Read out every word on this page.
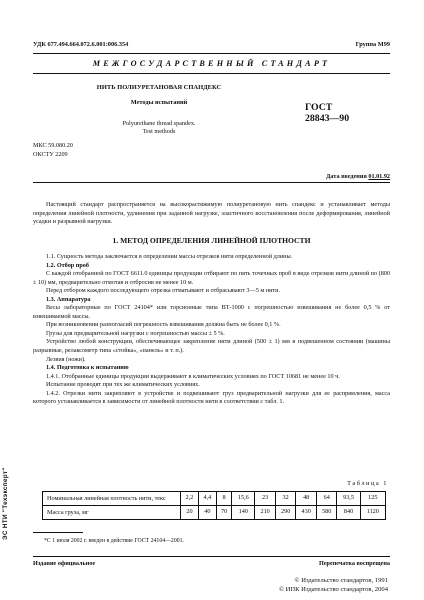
УДК 677.494.664.072.6.001:006.354	Группа М99
МЕЖГОСУДАРСТВЕННЫЙ СТАНДАРТ
НИТЬ ПОЛИУРЕТАНОВАЯ СПАНДЕКС
Методы испытаний
Polyurethane thread spandex.
Test methods
ГОСТ
28843—90
МКС 59.080.20
ОКСТУ 2209
Дата введения 01.01.92

Настоящий стандарт распространяется на высокорастяжимую полиуретановую нить спандекс и устанавливает методы определения линейной плотности, удлинения при заданной нагрузке, эластичного восстановления после деформирования, линейной усадки и разрывной нагрузки.

1. МЕТОД ОПРЕДЕЛЕНИЯ ЛИНЕЙНОЙ ПЛОТНОСТИ

1.1. Сущность метода заключается в определении массы отрезков нити определенной длины.

1.2. Отбор проб

С каждой отобранной по ГОСТ 6611.0 единицы продукции отбирают по пять точечных проб в виде отрезков нити длиной по (800 ± 10) мм, предварительно отмотав и отбросив не менее 10 м.

Перед отбором каждого последующего отрезка отматывают и отбрасывают 3—5 м нити.

1.3. Аппаратура

Весы лабораторные по ГОСТ 24104* или торсионные типа ВТ-1000 с погрешностью взвешивания не более 0,5 % от взвешиваемой массы.

При возникновении разногласий погрешность взвешивания должна быть не более 0,1 %.

Грузы для предварительной нагрузки с погрешностью массы ± 5 %.

Устройство любой конструкции, обеспечивающее закрепление нити длиной (500 ± 1) мм в подвешенном состоянии (машины разрывные, релаксометр типа «стойка», «панель» и т. п.).

Лезвия (ножи).

1.4. Подготовка к испытанию

1.4.1. Отобранные единицы продукции выдерживают в климатических условиях по ГОСТ 10681 не менее 10 ч.

Испытание проводят при тех же климатических условиях.

1.4.2. Отрезки нити закрепляют в устройстве и подвешивают груз предварительной нагрузки для ее распрямления, масса которого устанавливается в зависимости от линейной плотности нити в соответствии с табл. 1.

Таблица 1
Номинальная линейная плотность нити, текс	2,2	4,4	8	15,6	23	32	48	64	93,5	125
Масса груза, мг	20	40	70	140	210	290	430	580	840	1120
*С 1 июля 2002 г. введен в действие ГОСТ 24104—2001.
Издание официальное	Перепечатка воспрещена
© Издательство стандартов, 1991
© ИПК Издательство стандартов, 2004
ЭС НТИ "Техэксперт"
